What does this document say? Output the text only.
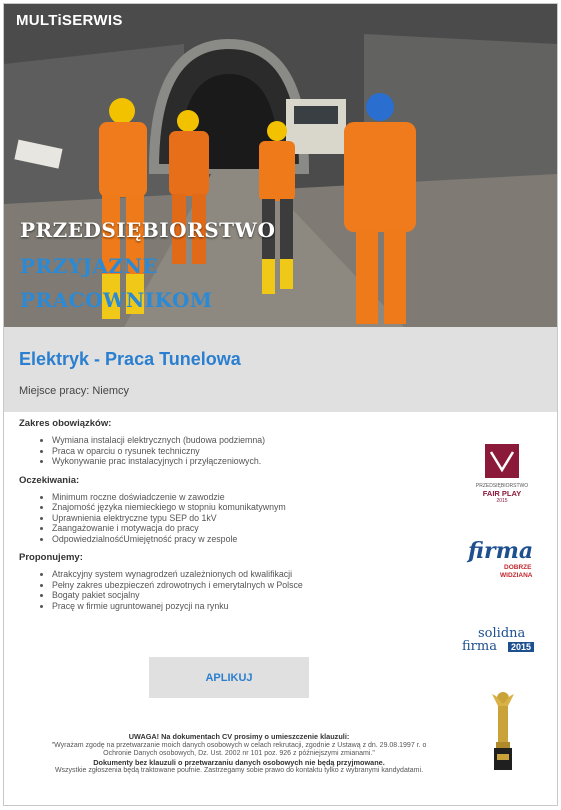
MULTiSERWIS
PRZEDSIĘBIORSTWO
PRZYJAZNE
PRACOWNIKOM
Elektryk - Praca Tunelowa
Miejsce pracy: Niemcy
Zakres obowiązków:
• Wymiana instalacji elektrycznych (budowa podziemna)
• Praca w oparciu o rysunek techniczny
• Wykonywanie prac instalacyjnych i przyłączeniowych.
Oczekiwania:
• Minimum roczne doświadczenie w zawodzie
• Znajomość języka niemieckiego w stopniu komunikatywnym
• Uprawnienia elektryczne typu SEP do 1kV
• Zaangażowanie i motywacja do pracy
• OdpowiedzialnośćUmiejętność pracy w zespole
Proponujemy:
• Atrakcyjny system wynagrodzeń uzależnionych od kwalifikacji
• Pełny zakres ubezpieczeń zdrowotnych i emerytalnych w Polsce
• Bogaty pakiet socjalny
• Pracę w firmie ugruntowanej pozycji na rynku
PRZEDSIĘBIORSTWO
FAIR PLAY
2015
firma
DOBRZE
WIDZIANA
solidna
firma	2015
APLIKUJ
UWAGA! Na dokumentach CV prosimy o umieszczenie klauzuli:
"Wyrażam zgodę na przetwarzanie moich danych osobowych w celach rekrutacji, zgodnie z Ustawą z dn. 29.08.1997 r. o
Ochronie Danych osobowych, Dz. Ust. 2002 nr 101 poz. 926 z późniejszymi zmianami."
Dokumenty bez klauzuli o przetwarzaniu danych osobowych nie będą przyjmowane.
Wszystkie zgłoszenia będą traktowane poufnie. Zastrzegamy sobie prawo do kontaktu tylko z wybranymi kandydatami.
